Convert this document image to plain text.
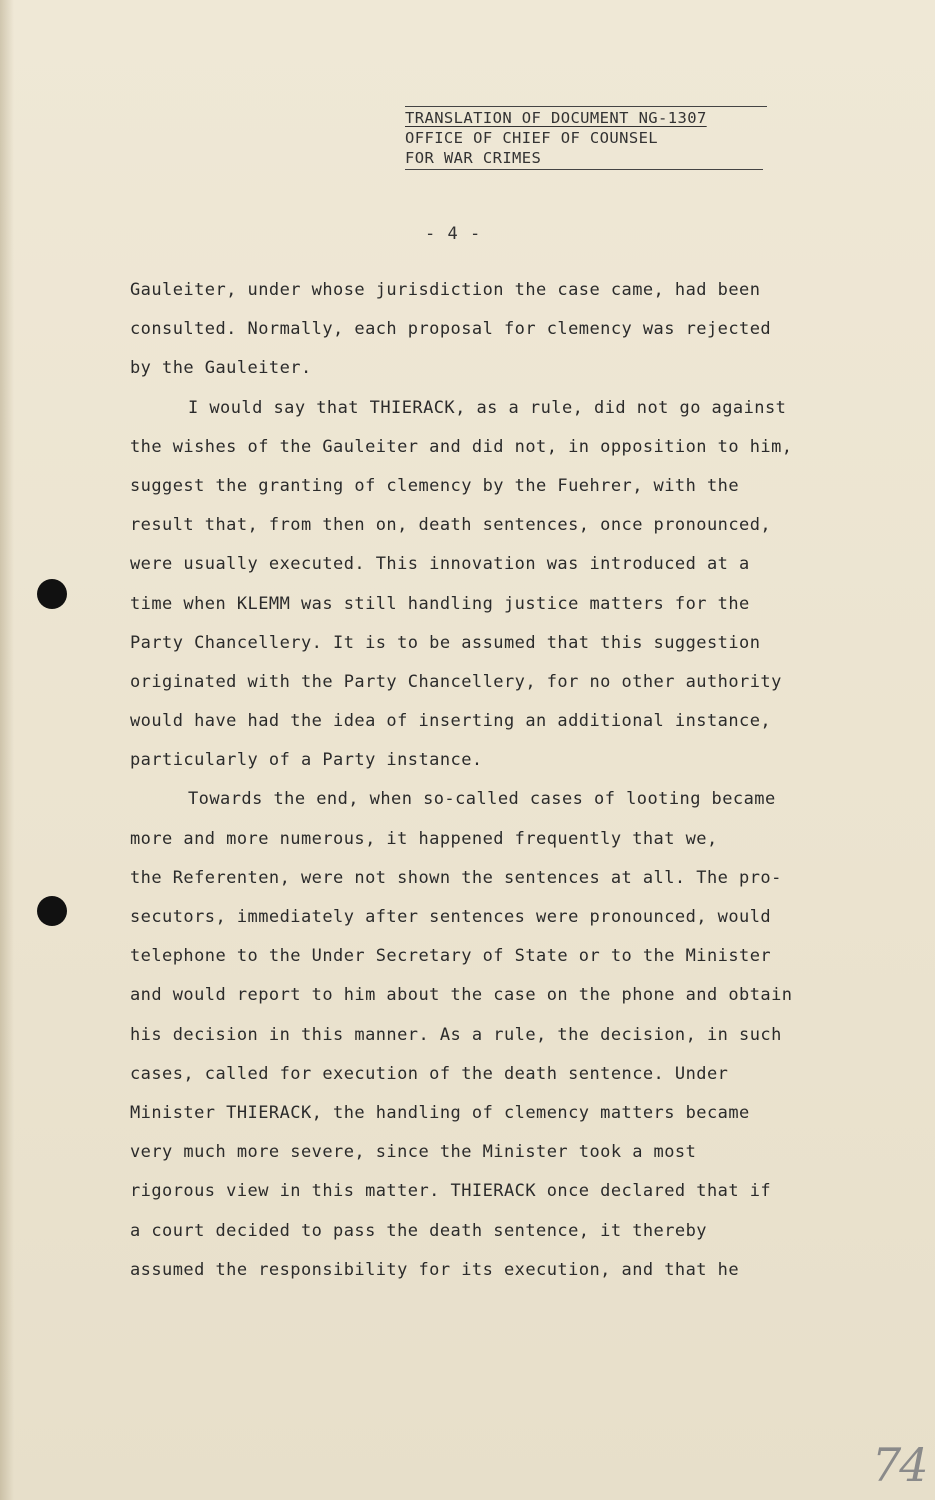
TRANSLATION OF DOCUMENT NG-1307
OFFICE OF CHIEF OF COUNSEL
FOR WAR CRIMES
- 4 -
Gauleiter, under whose jurisdiction the case came, had been
consulted. Normally, each proposal for clemency was rejected
by the Gauleiter.
I would say that THIERACK, as a rule, did not go against
the wishes of the Gauleiter and did not, in opposition to him,
suggest the granting of clemency by the Fuehrer, with the
result that, from then on, death sentences, once pronounced,
were usually executed. This innovation was introduced at a
time when KLEMM was still handling justice matters for the
Party Chancellery. It is to be assumed that this suggestion
originated with the Party Chancellery, for no other authority
would have had the idea of inserting an additional instance,
particularly of a Party instance.
Towards the end, when so-called cases of looting became
more and more numerous, it happened frequently that we,
the Referenten, were not shown the sentences at all. The pro-
secutors, immediately after sentences were pronounced, would
telephone to the Under Secretary of State or to the Minister
and would report to him about the case on the phone and obtain
his decision in this manner. As a rule, the decision, in such
cases, called for execution of the death sentence. Under
Minister THIERACK, the handling of clemency matters became
very much more severe, since the Minister took a most
rigorous view in this matter. THIERACK once declared that if
a court decided to pass the death sentence, it thereby
assumed the responsibility for its execution, and that he
74
